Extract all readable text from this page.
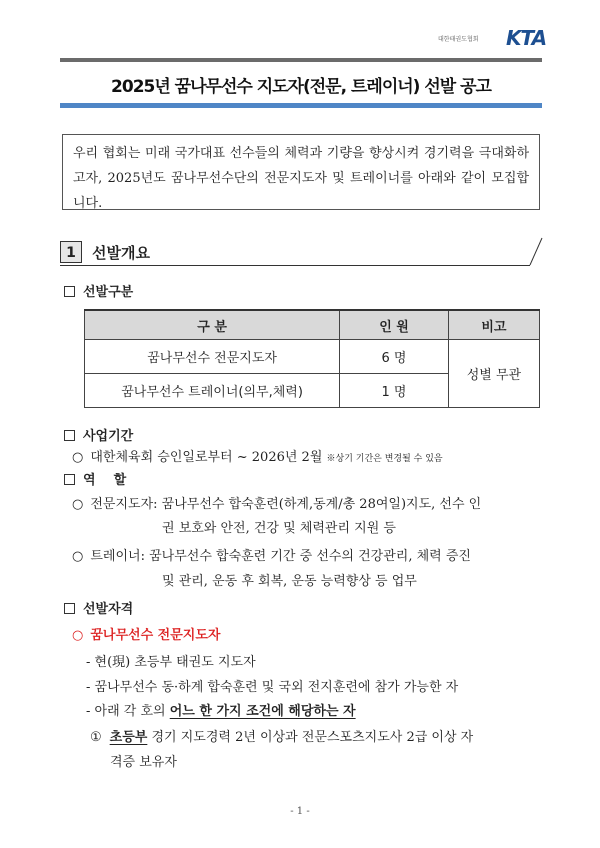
대한태권도협회 KTA
2025년 꿈나무선수 지도자(전문, 트레이너) 선발 공고
우리 협회는 미래 국가대표 선수들의 체력과 기량을 향상시켜 경기력을 극대화하고자, 2025년도 꿈나무선수단의 전문지도자 및 트레이너를 아래와 같이 모집합니다.
1	선발개요
선발구분
구 분	인 원	비고
꿈나무선수 전문지도자	6 명	성별 무관
꿈나무선수 트레이너(의무,체력)	1 명	
사업기간
○ 대한체육회 승인일로부터 ~ 2026년 2월 ※상기 기간은 변경될 수 있음
역    할
○ 전문지도자: 꿈나무선수 합숙훈련(하계,동계/총 28여일)지도, 선수 인
권 보호와 안전, 건강 및 체력관리 지원 등
○ 트레이너: 꿈나무선수 합숙훈련 기간 중 선수의 건강관리, 체력 증진
및 관리, 운동 후 회복, 운동 능력향상 등 업무
선발자격
○ 꿈나무선수 전문지도자
- 현(現) 초등부 태권도 지도자
- 꿈나무선수 동·하계 합숙훈련 및 국외 전지훈련에 참가 가능한 자
- 아래 각 호의 어느 한 가지 조건에 해당하는 자
① 초등부 경기 지도경력 2년 이상과 전문스포츠지도사 2급 이상 자
격증 보유자
- 1 -
